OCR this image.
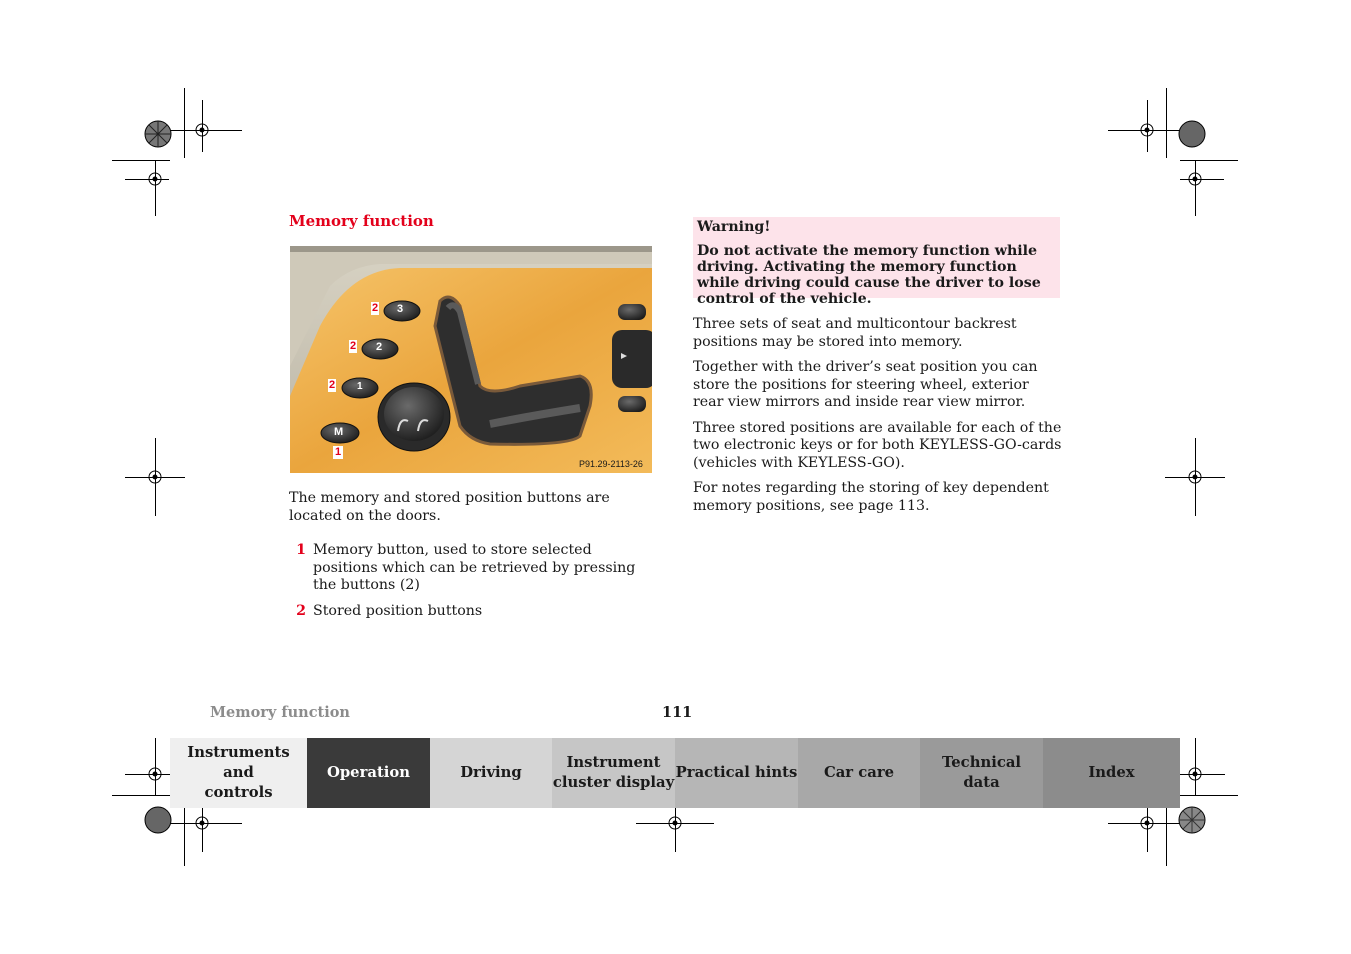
Memory function
3
2
1
M
2
2
2
1
P91.29-2113-26
The memory and stored position buttons are located on the doors.
1 Memory button, used to store selected positions which can be retrieved by pressing the buttons (2)
2 Stored position buttons
Warning!
Do not activate the memory function while driving. Activating the memory function while driving could cause the driver to lose control of the vehicle.

Three sets of seat and multicontour backrest positions may be stored into memory.

Together with the driver’s seat position you can store the positions for steering wheel, exterior rear view mirrors and inside rear view mirror.

Three stored positions are available for each of the two electronic keys or for both KEYLESS-GO-cards (vehicles with KEYLESS-GO).

For notes regarding the storing of key dependent memory positions, see page 113.

Memory function	111
Instruments and controls
Operation	Driving
Instrument cluster display
Practical hints	Car care
Technical data
Index
